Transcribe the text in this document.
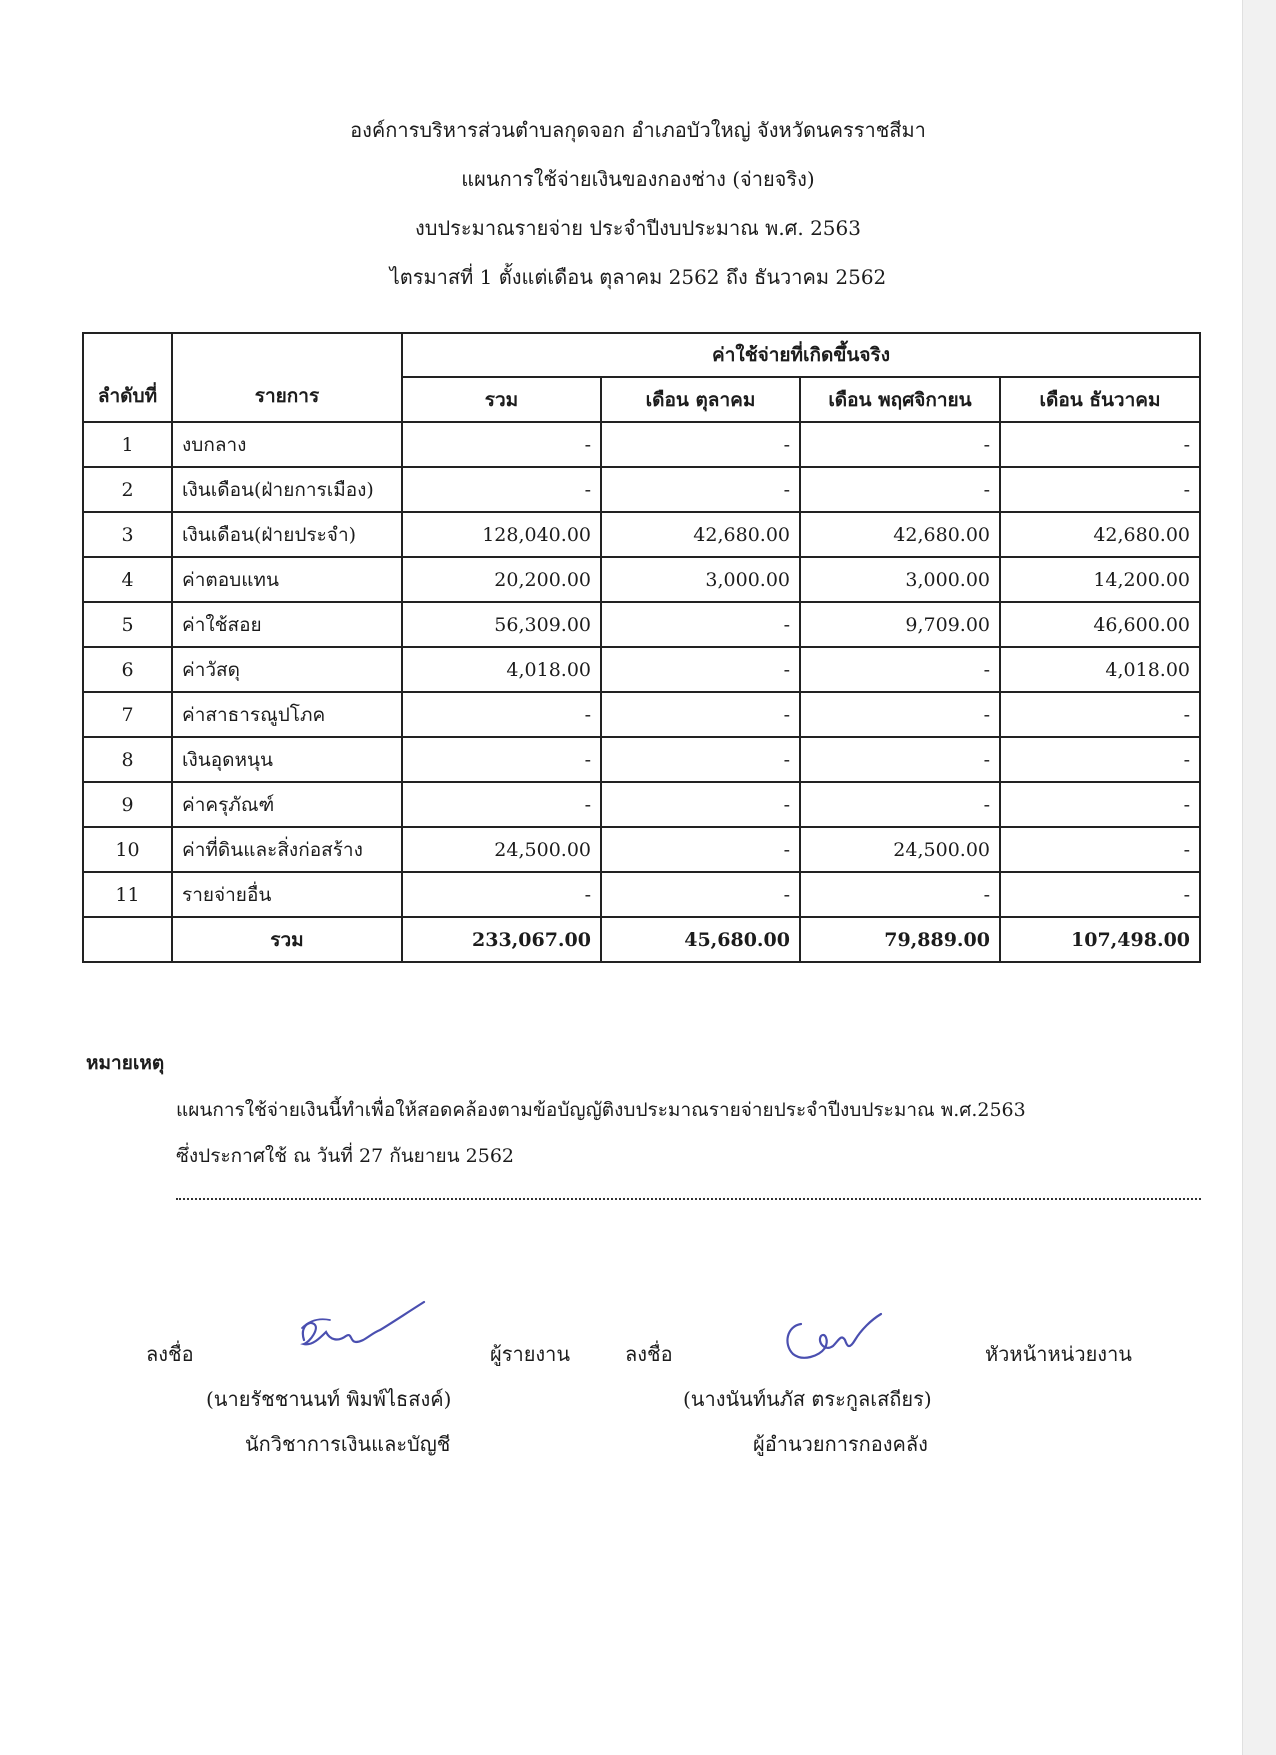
องค์การบริหารส่วนตำบลกุดจอก อำเภอบัวใหญ่ จังหวัดนครราชสีมา
แผนการใช้จ่ายเงินของกองช่าง (จ่ายจริง)
งบประมาณรายจ่าย ประจำปีงบประมาณ พ.ศ. 2563
ไตรมาสที่ 1 ตั้งแต่เดือน ตุลาคม 2562 ถึง ธันวาคม 2562
ลำดับที่	รายการ	ค่าใช้จ่ายที่เกิดขึ้นจริง			
		รวม	เดือน ตุลาคม	เดือน พฤศจิกายน	เดือน ธันวาคม
1	งบกลาง	-	-	-	-
2	เงินเดือน(ฝ่ายการเมือง)	-	-	-	-
3	เงินเดือน(ฝ่ายประจำ)	128,040.00	42,680.00	42,680.00	42,680.00
4	ค่าตอบแทน	20,200.00	3,000.00	3,000.00	14,200.00
5	ค่าใช้สอย	56,309.00	-	9,709.00	46,600.00
6	ค่าวัสดุ	4,018.00	-	-	4,018.00
7	ค่าสาธารณูปโภค	-	-	-	-
8	เงินอุดหนุน	-	-	-	-
9	ค่าครุภัณฑ์	-	-	-	-
10	ค่าที่ดินและสิ่งก่อสร้าง	24,500.00	-	24,500.00	-
11	รายจ่ายอื่น	-	-	-	-
	รวม	233,067.00	45,680.00	79,889.00	107,498.00
หมายเหตุ
แผนการใช้จ่ายเงินนี้ทำเพื่อให้สอดคล้องตามข้อบัญญัติงบประมาณรายจ่ายประจำปีงบประมาณ พ.ศ.2563
ซึ่งประกาศใช้ ณ วันที่ 27 กันยายน 2562
ลงชื่อ	ผู้รายงาน
(นายรัชชานนท์ พิมพ์ไธสงค์)
นักวิชาการเงินและบัญชี
ลงชื่อ	หัวหน้าหน่วยงาน
(นางนันท์นภัส ตระกูลเสถียร)
ผู้อำนวยการกองคลัง
